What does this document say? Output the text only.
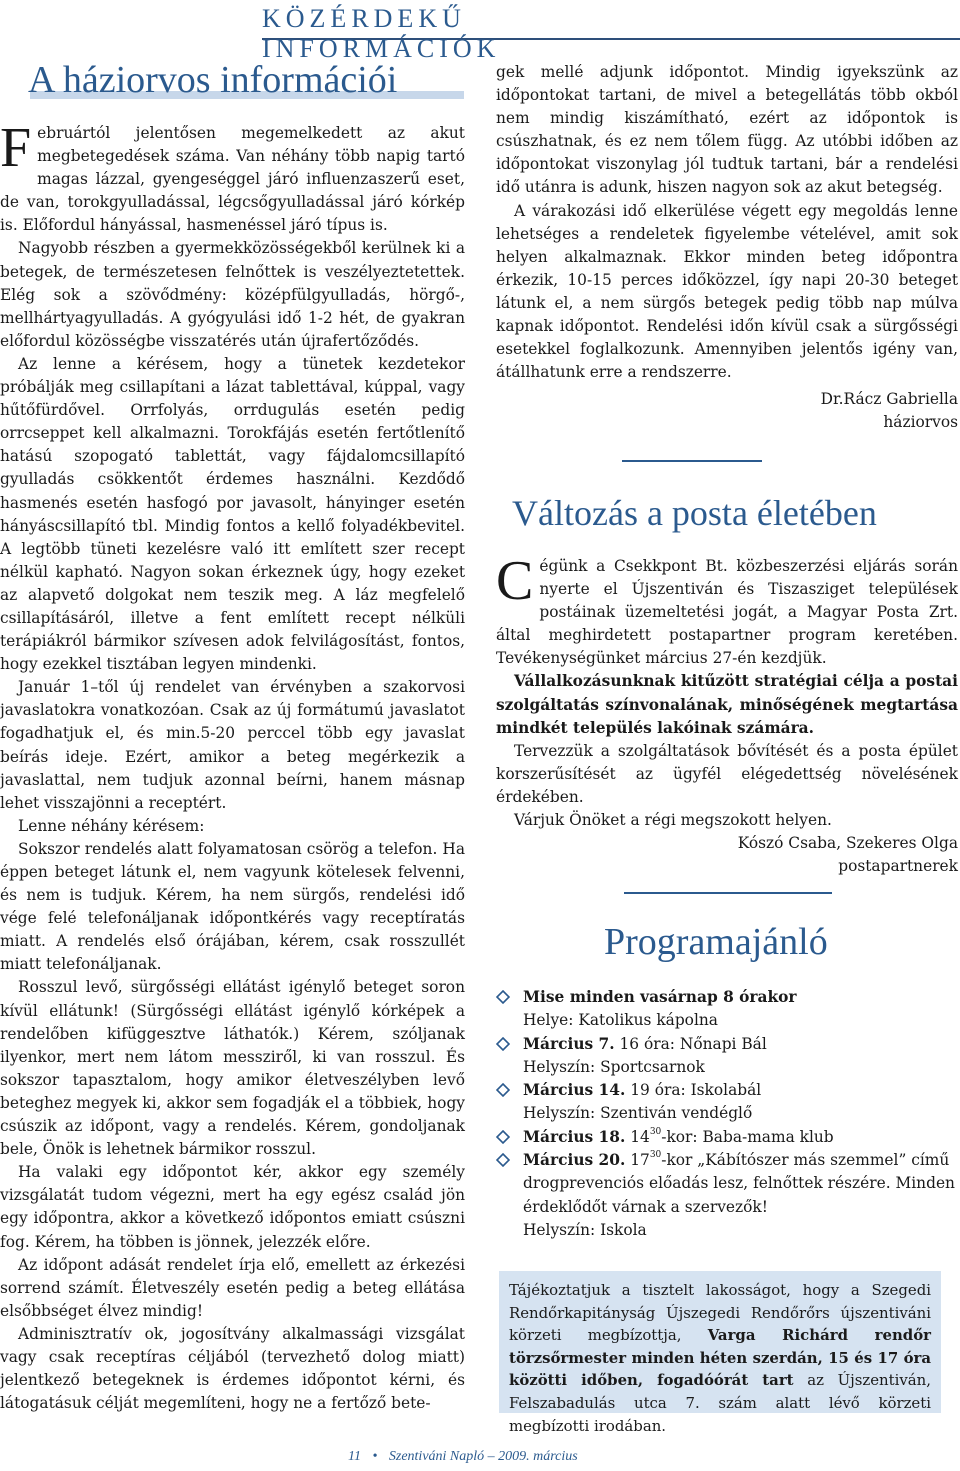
KÖZÉRDEKŰ INFORMÁCIÓK
A háziorvos információi

Februártól jelentősen megemelkedett az akut megbetegedések száma. Van néhány több napig tartó magas lázzal, gyengeséggel járó influenzaszerű eset, de van, torokgyulladással, légcsőgyulladással járó kórkép is. Előfordul hányással, hasmenéssel járó típus is.

Nagyobb részben a gyermekközösségekből kerülnek ki a betegek, de természetesen felnőttek is veszélyeztetettek. Elég sok a szövődmény: középfülgyulladás, hörgő-, mellhártyagyulladás. A gyógyulási idő 1-2 hét, de gyakran előfordul közösségbe visszatérés után újrafertőződés.

Az lenne a kérésem, hogy a tünetek kezdetekor próbálják meg csillapítani a lázat tablettával, kúppal, vagy hűtőfürdővel. Orrfolyás, orrdugulás esetén pedig orrcseppet kell alkalmazni. Torokfájás esetén fertőtlenítő hatású szopogató tablettát, vagy fájdalomcsillapító gyulladás csökkentőt érdemes használni. Kezdődő hasmenés esetén hasfogó por javasolt, hányinger esetén hányáscsillapító tbl. Mindig fontos a kellő folyadékbevitel. A legtöbb tüneti kezelésre való itt említett szer recept nélkül kapható. Nagyon sokan érkeznek úgy, hogy ezeket az alapvető dolgokat nem teszik meg. A láz megfelelő csillapításáról, illetve a fent említett recept nélküli terápiákról bármikor szívesen adok felvilágosítást, fontos, hogy ezekkel tisztában legyen mindenki.

Január 1–től új rendelet van érvényben a szakorvosi javaslatokra vonatkozóan. Csak az új formátumú javaslatot fogadhatjuk el, és min.5-20 perccel több egy javaslat beírás ideje. Ezért, amikor a beteg megérkezik a javaslattal, nem tudjuk azonnal beírni, hanem másnap lehet visszajönni a receptért.

Lenne néhány kérésem:

Sokszor rendelés alatt folyamatosan csörög a telefon. Ha éppen beteget látunk el, nem vagyunk kötelesek felvenni, és nem is tudjuk. Kérem, ha nem sürgős, rendelési idő vége felé telefonáljanak időpontkérés vagy receptíratás miatt. A rendelés első órájában, kérem, csak rosszullét miatt telefonáljanak.

Rosszul levő, sürgősségi ellátást igénylő beteget soron kívül ellátunk! (Sürgősségi ellátást igénylő kórképek a rendelőben kifüggesztve láthatók.) Kérem, szóljanak ilyenkor, mert nem látom messziről, ki van rosszul. És sokszor tapasztalom, hogy amikor életveszélyben levő beteghez megyek ki, akkor sem fogadják el a többiek, hogy csúszik az időpont, vagy a rendelés. Kérem, gondoljanak bele, Önök is lehetnek bármikor rosszul.

Ha valaki egy időpontot kér, akkor egy személy vizsgálatát tudom végezni, mert ha egy egész család jön egy időpontra, akkor a következő időpontos emiatt csúszni fog. Kérem, ha többen is jönnek, jelezzék előre.

Az időpont adását rendelet írja elő, emellett az érkezési sorrend számít. Életveszély esetén pedig a beteg ellátása elsőbbséget élvez mindig!

Adminisztratív ok, jogosítvány alkalmassági vizsgálat vagy csak receptíras céljából (tervezhető dolog miatt) jelentkező betegeknek is érdemes időpontot kérni, és látogatásuk célját megemlíteni, hogy ne a fertőző bete-

gek mellé adjunk időpontot. Mindig igyekszünk az időpontokat tartani, de mivel a betegellátás több okból nem mindig kiszámítható, ezért az időpontok is csúszhatnak, és ez nem tőlem függ. Az utóbbi időben az időpontokat viszonylag jól tudtuk tartani, bár a rendelési idő utánra is adunk, hiszen nagyon sok az akut betegség.

A várakozási idő elkerülése végett egy megoldás lenne lehetséges a rendeletek figyelembe vételével, amit sok helyen alkalmaznak. Ekkor minden beteg időpontra érkezik, 10-15 perces időközzel, így napi 20-30 beteget látunk el, a nem sürgős betegek pedig több nap múlva kapnak időpontot. Rendelési időn kívül csak a sürgősségi esetekkel foglalkozunk. Amennyiben jelentős igény van, átállhatunk erre a rendszerre.

Dr.Rácz Gabriella
háziorvos
Változás a posta életében

Cégünk a Csekkpont Bt. közbeszerzési eljárás során nyerte el Újszentiván és Tiszasziget települések postáinak üzemeltetési jogát, a Magyar Posta Zrt. által meghirdetett postapartner program keretében. Tevékenységünket március 27-én kezdjük.

Vállalkozásunknak kitűzött stratégiai célja a postai szolgáltatás színvonalának, minőségének megtartása mindkét település lakóinak számára.

Tervezzük a szolgáltatások bővítését és a posta épület korszerűsítését az ügyfél elégedettség növelésének érdekében.

Várjuk Önöket a régi megszokott helyen.

Kószó Csaba, Szekeres Olga
postapartnerek
Programajánló
Mise minden vasárnap 8 órakor
Helye: Katolikus kápolna
Március 7. 16 óra: Nőnapi Bál
Helyszín: Sportcsarnok
Március 14. 19 óra: Iskolabál
Helyszín: Szentiván vendéglő
Március 18. $14^{30}$-kor: Baba-mama klub
Március 20. $17^{30}$-kor „Kábítószer más szemmel” című drogprevenciós előadás lesz, felnőttek részére. Minden érdeklődőt várnak a szervezők!
Helyszín: Iskola

Tájékoztatjuk a tisztelt lakosságot, hogy a Szegedi Rendőrkapitányság Újszegedi Rendőrőrs újszentiváni körzeti megbízottja, Varga Richárd rendőr törzsőrmester minden héten szerdán, 15 és 17 óra közötti időben, fogadóórát tart az Újszentiván, Felszabadulás utca 7. szám alatt lévő körzeti megbízotti irodában.

11 • Szentiváni Napló – 2009. március
